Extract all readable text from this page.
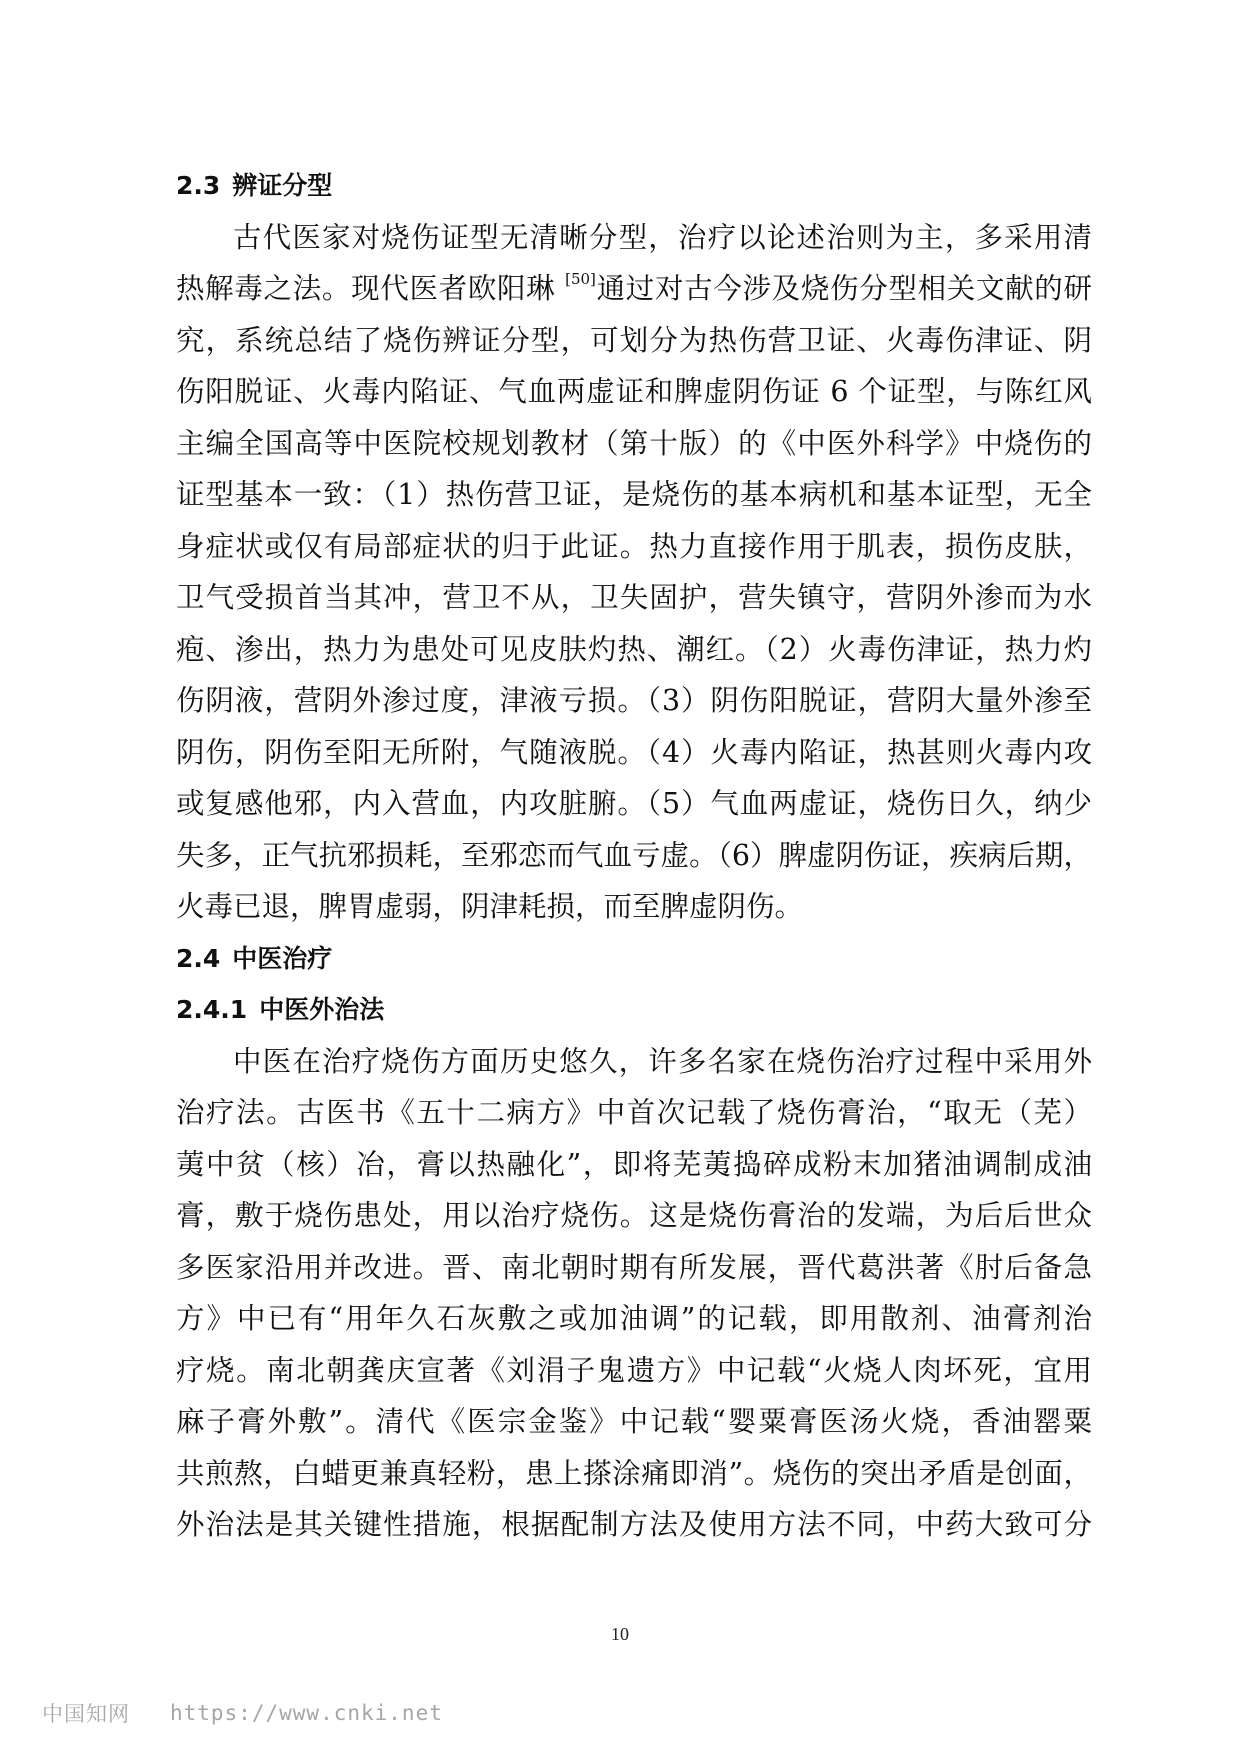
2.3 辨证分型
古代医家对烧伤证型无清晰分型，治疗以论述治则为主，多采用清
热解毒之法。现代医者欧阳琳 [50]通过对古今涉及烧伤分型相关文献的研
究，系统总结了烧伤辨证分型，可划分为热伤营卫证、火毒伤津证、阴
伤阳脱证、火毒内陷证、气血两虚证和脾虚阴伤证 6 个证型，与陈红风
主编全国高等中医院校规划教材（第十版）的《中医外科学》中烧伤的
证型基本一致：（1）热伤营卫证，是烧伤的基本病机和基本证型，无全
身症状或仅有局部症状的归于此证。热力直接作用于肌表，损伤皮肤，
卫气受损首当其冲，营卫不从，卫失固护，营失镇守，营阴外渗而为水
疱、渗出，热力为患处可见皮肤灼热、潮红。（2）火毒伤津证，热力灼
伤阴液，营阴外渗过度，津液亏损。（3）阴伤阳脱证，营阴大量外渗至
阴伤，阴伤至阳无所附，气随液脱。（4）火毒内陷证，热甚则火毒内攻
或复感他邪，内入营血，内攻脏腑。（5）气血两虚证，烧伤日久，纳少
失多，正气抗邪损耗，至邪恋而气血亏虚。（6）脾虚阴伤证，疾病后期，
火毒已退，脾胃虚弱，阴津耗损，而至脾虚阴伤。
2.4 中医治疗
2.4.1 中医外治法
中医在治疗烧伤方面历史悠久，许多名家在烧伤治疗过程中采用外
治疗法。古医书《五十二病方》中首次记载了烧伤膏治，“取无（芜）
荑中贫（核）冶，膏以热融化”，即将芜荑捣碎成粉末加猪油调制成油
膏，敷于烧伤患处，用以治疗烧伤。这是烧伤膏治的发端，为后后世众
多医家沿用并改进。晋、南北朝时期有所发展，晋代葛洪著《肘后备急
方》中已有“用年久石灰敷之或加油调”的记载，即用散剂、油膏剂治
疗烧。南北朝龚庆宣著《刘涓子鬼遗方》中记载“火烧人肉坏死，宜用
麻子膏外敷”。清代《医宗金鉴》中记载“婴粟膏医汤火烧，香油罂粟
共煎熬，白蜡更兼真轻粉，患上搽涂痛即消”。烧伤的突出矛盾是创面，
外治法是其关键性措施，根据配制方法及使用方法不同，中药大致可分
10
中国知网 https://www.cnki.net
